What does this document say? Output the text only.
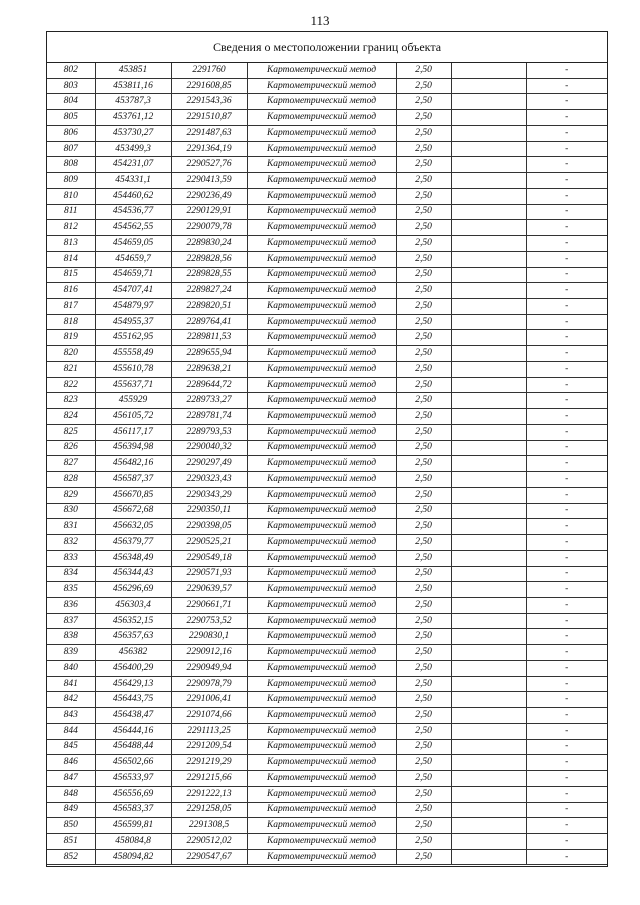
113
Сведения о местоположении границ объекта
802	453851	2291760	Картометрический метод	2,50		-
803	453811,16	2291608,85	Картометрический метод	2,50		-
804	453787,3	2291543,36	Картометрический метод	2,50		-
805	453761,12	2291510,87	Картометрический метод	2,50		-
806	453730,27	2291487,63	Картометрический метод	2,50		-
807	453499,3	2291364,19	Картометрический метод	2,50		-
808	454231,07	2290527,76	Картометрический метод	2,50		-
809	454331,1	2290413,59	Картометрический метод	2,50		-
810	454460,62	2290236,49	Картометрический метод	2,50		-
811	454536,77	2290129,91	Картометрический метод	2,50		-
812	454562,55	2290079,78	Картометрический метод	2,50		-
813	454659,05	2289830,24	Картометрический метод	2,50		-
814	454659,7	2289828,56	Картометрический метод	2,50		-
815	454659,71	2289828,55	Картометрический метод	2,50		-
816	454707,41	2289827,24	Картометрический метод	2,50		-
817	454879,97	2289820,51	Картометрический метод	2,50		-
818	454955,37	2289764,41	Картометрический метод	2,50		-
819	455162,95	2289811,53	Картометрический метод	2,50		-
820	455558,49	2289655,94	Картометрический метод	2,50		-
821	455610,78	2289638,21	Картометрический метод	2,50		-
822	455637,71	2289644,72	Картометрический метод	2,50		-
823	455929	2289733,27	Картометрический метод	2,50		-
824	456105,72	2289781,74	Картометрический метод	2,50		-
825	456117,17	2289793,53	Картометрический метод	2,50		-
826	456394,98	2290040,32	Картометрический метод	2,50		-
827	456482,16	2290297,49	Картометрический метод	2,50		-
828	456587,37	2290323,43	Картометрический метод	2,50		-
829	456670,85	2290343,29	Картометрический метод	2,50		-
830	456672,68	2290350,11	Картометрический метод	2,50		-
831	456632,05	2290398,05	Картометрический метод	2,50		-
832	456379,77	2290525,21	Картометрический метод	2,50		-
833	456348,49	2290549,18	Картометрический метод	2,50		-
834	456344,43	2290571,93	Картометрический метод	2,50		-
835	456296,69	2290639,57	Картометрический метод	2,50		-
836	456303,4	2290661,71	Картометрический метод	2,50		-
837	456352,15	2290753,52	Картометрический метод	2,50		-
838	456357,63	2290830,1	Картометрический метод	2,50		-
839	456382	2290912,16	Картометрический метод	2,50		-
840	456400,29	2290949,94	Картометрический метод	2,50		-
841	456429,13	2290978,79	Картометрический метод	2,50		-
842	456443,75	2291006,41	Картометрический метод	2,50		-
843	456438,47	2291074,66	Картометрический метод	2,50		-
844	456444,16	2291113,25	Картометрический метод	2,50		-
845	456488,44	2291209,54	Картометрический метод	2,50		-
846	456502,66	2291219,29	Картометрический метод	2,50		-
847	456533,97	2291215,66	Картометрический метод	2,50		-
848	456556,69	2291222,13	Картометрический метод	2,50		-
849	456583,37	2291258,05	Картометрический метод	2,50		-
850	456599,81	2291308,5	Картометрический метод	2,50		-
851	458084,8	2290512,02	Картометрический метод	2,50		-
852	458094,82	2290547,67	Картометрический метод	2,50		-
